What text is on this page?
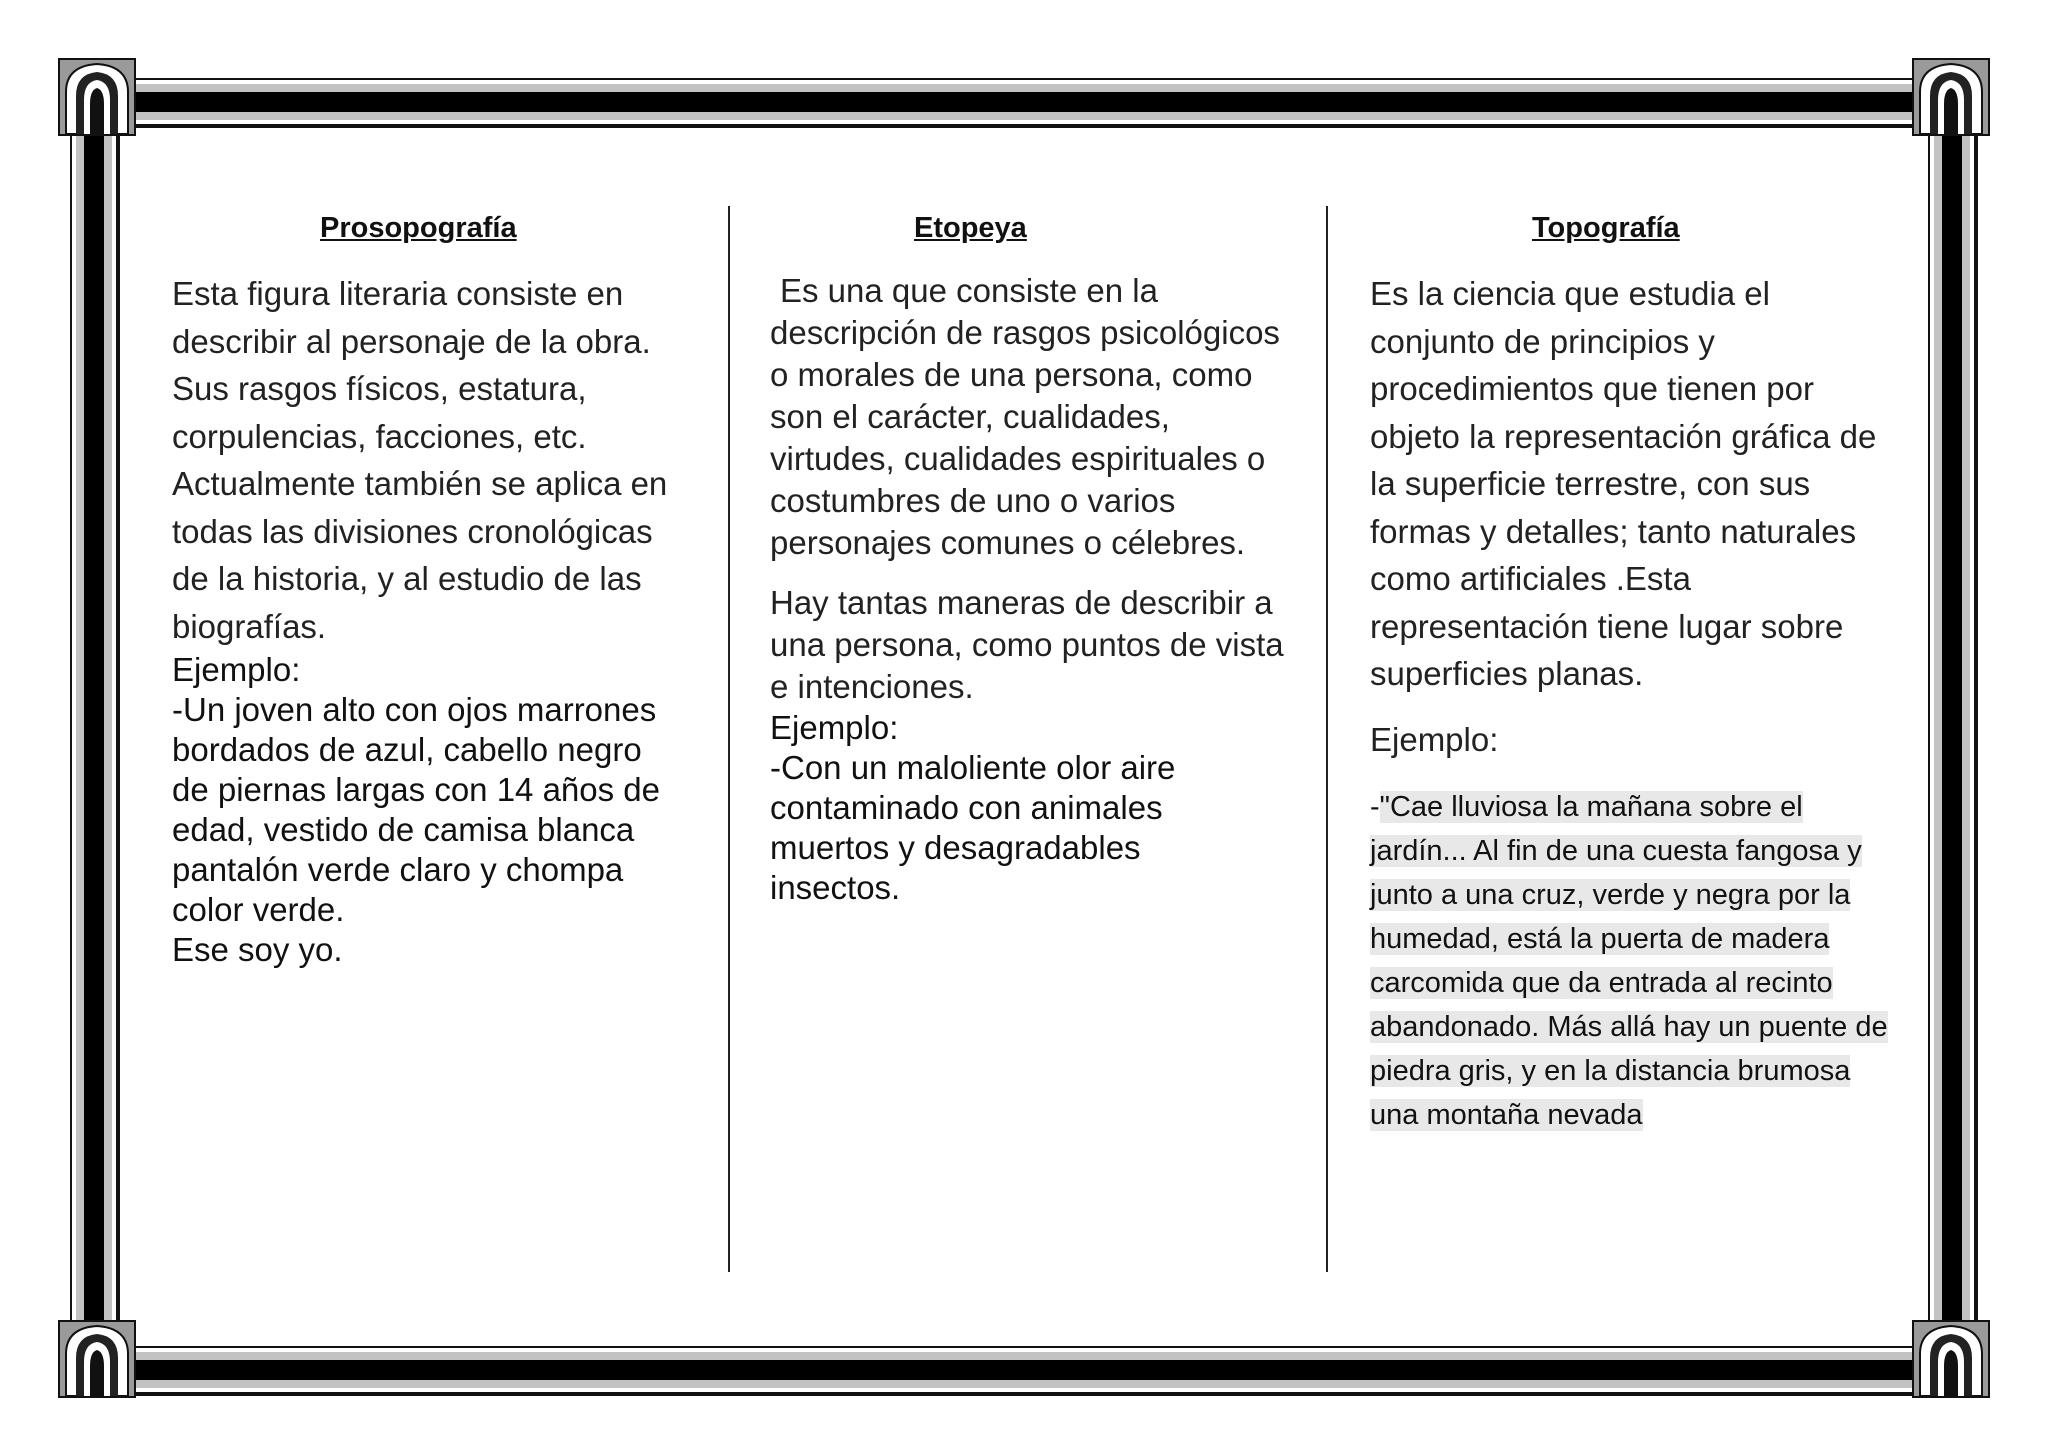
Prosopografía

Esta figura literaria consiste en describir al personaje de la obra. Sus rasgos físicos, estatura, corpulencias, facciones, etc. Actualmente también se aplica en todas las divisiones cronológicas de la historia, y al estudio de las biografías.

Ejemplo:

-Un joven alto con ojos marrones
bordados de azul, cabello negro
de piernas largas con 14 años de
edad, vestido de camisa blanca
pantalón verde claro y chompa
color verde.
Ese soy yo.

Etopeya

Es una que consiste en la descripción de rasgos psicológicos o morales de una persona, como son el carácter, cualidades, virtudes, cualidades espirituales o costumbres de uno o varios personajes comunes o célebres.

Hay tantas maneras de describir a una persona, como puntos de vista e intenciones.

Ejemplo:

-Con un maloliente olor aire
contaminado con animales
muertos y desagradables
insectos.

Topografía

Es la ciencia que estudia el conjunto de principios y procedimientos que tienen por objeto la representación gráfica de la superficie terrestre, con sus formas y detalles; tanto naturales como artificiales .Esta representación tiene lugar sobre superficies planas.

Ejemplo:

-"Cae lluviosa la mañana sobre el jardín... Al fin de una cuesta fangosa y junto a una cruz, verde y negra por la humedad, está la puerta de madera carcomida que da entrada al recinto abandonado. Más allá hay un puente de piedra gris, y en la distancia brumosa una montaña nevada
